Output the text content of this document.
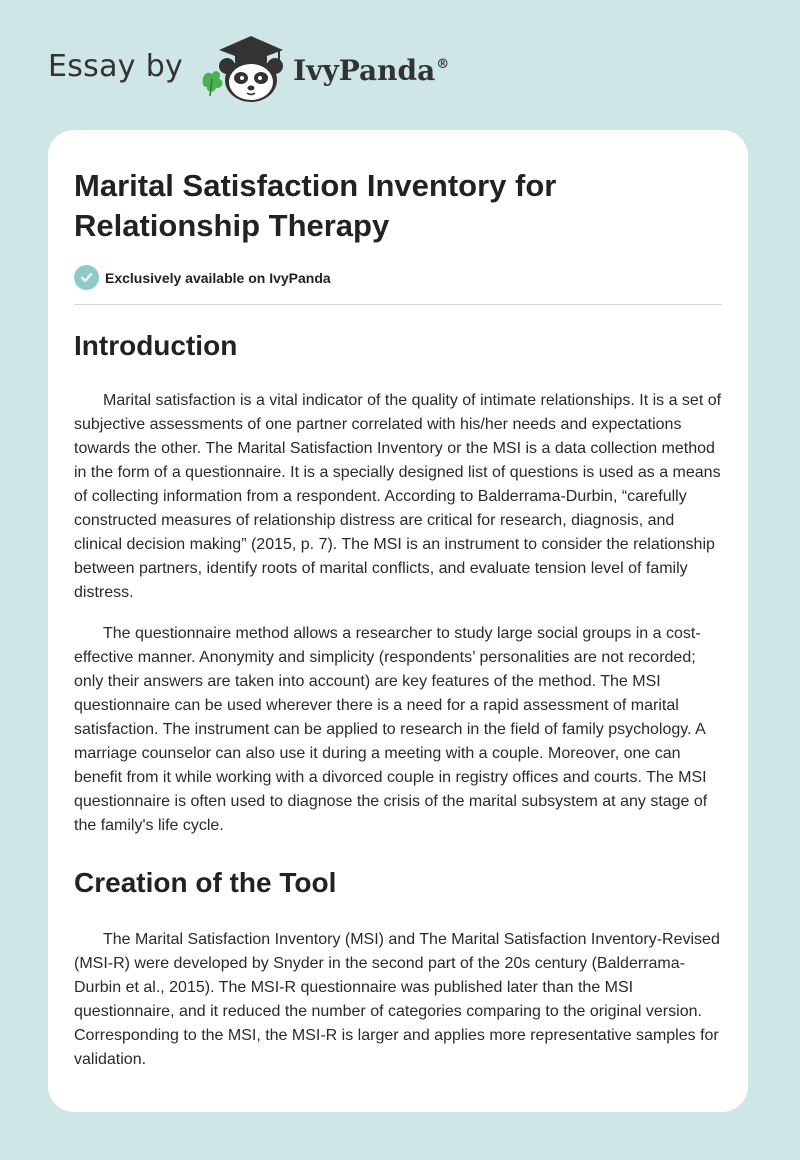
Essay by	IvyPanda®
Marital Satisfaction Inventory for Relationship Therapy
Exclusively available on IvyPanda
Introduction

Marital satisfaction is a vital indicator of the quality of intimate relationships. It is a set of subjective assessments of one partner correlated with his/her needs and expectations towards the other. The Marital Satisfaction Inventory or the MSI is a data collection method in the form of a questionnaire. It is a specially designed list of questions is used as a means of collecting information from a respondent. According to Balderrama-Durbin, “carefully constructed measures of relationship distress are critical for research, diagnosis, and clinical decision making” (2015, p. 7). The MSI is an instrument to consider the relationship between partners, identify roots of marital conflicts, and evaluate tension level of family distress.

The questionnaire method allows a researcher to study large social groups in a cost-effective manner. Anonymity and simplicity (respondents’ personalities are not recorded; only their answers are taken into account) are key features of the method. The MSI questionnaire can be used wherever there is a need for a rapid assessment of marital satisfaction. The instrument can be applied to research in the field of family psychology. A marriage counselor can also use it during a meeting with a couple. Moreover, one can benefit from it while working with a divorced couple in registry offices and courts. The MSI questionnaire is often used to diagnose the crisis of the marital subsystem at any stage of the family's life cycle.

Creation of the Tool

The Marital Satisfaction Inventory (MSI) and The Marital Satisfaction Inventory-Revised (MSI-R) were developed by Snyder in the second part of the 20s century (Balderrama-Durbin et al., 2015). The MSI-R questionnaire was published later than the MSI questionnaire, and it reduced the number of categories comparing to the original version. Corresponding to the MSI, the MSI-R is larger and applies more representative samples for validation.
